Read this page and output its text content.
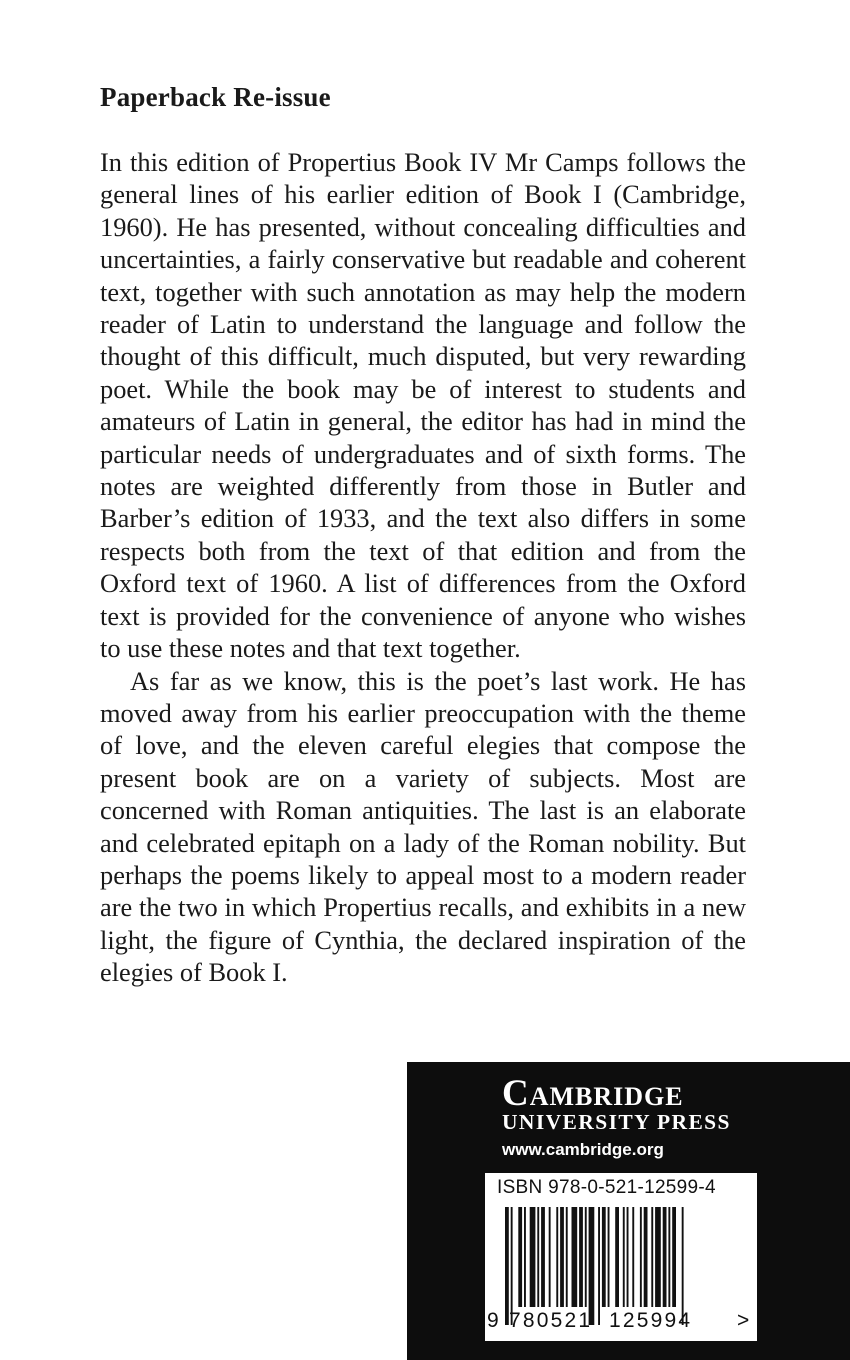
Paperback Re-issue

In this edition of Propertius Book IV Mr Camps follows the general lines of his earlier edition of Book I (Cambridge, 1960). He has presented, without concealing difficulties and uncertainties, a fairly conservative but readable and coherent text, together with such annotation as may help the modern reader of Latin to understand the language and follow the thought of this difficult, much disputed, but very rewarding poet. While the book may be of interest to students and amateurs of Latin in general, the editor has had in mind the particular needs of undergraduates and of sixth forms. The notes are weighted differently from those in Butler and Barber’s edition of 1933, and the text also differs in some respects both from the text of that edition and from the Oxford text of 1960. A list of differences from the Oxford text is provided for the convenience of anyone who wishes to use these notes and that text together.

As far as we know, this is the poet’s last work. He has moved away from his earlier preoccupation with the theme of love, and the eleven careful elegies that compose the present book are on a variety of subjects. Most are concerned with Roman antiquities. The last is an elaborate and celebrated epitaph on a lady of the Roman nobility. But perhaps the poems likely to appeal most to a modern reader are the two in which Propertius recalls, and exhibits in a new light, the figure of Cynthia, the declared inspiration of the elegies of Book I.

Cambridge

UNIVERSITY PRESS

www.cambridge.org

ISBN 978-0-521-12599-4

9 780521 125994 >
